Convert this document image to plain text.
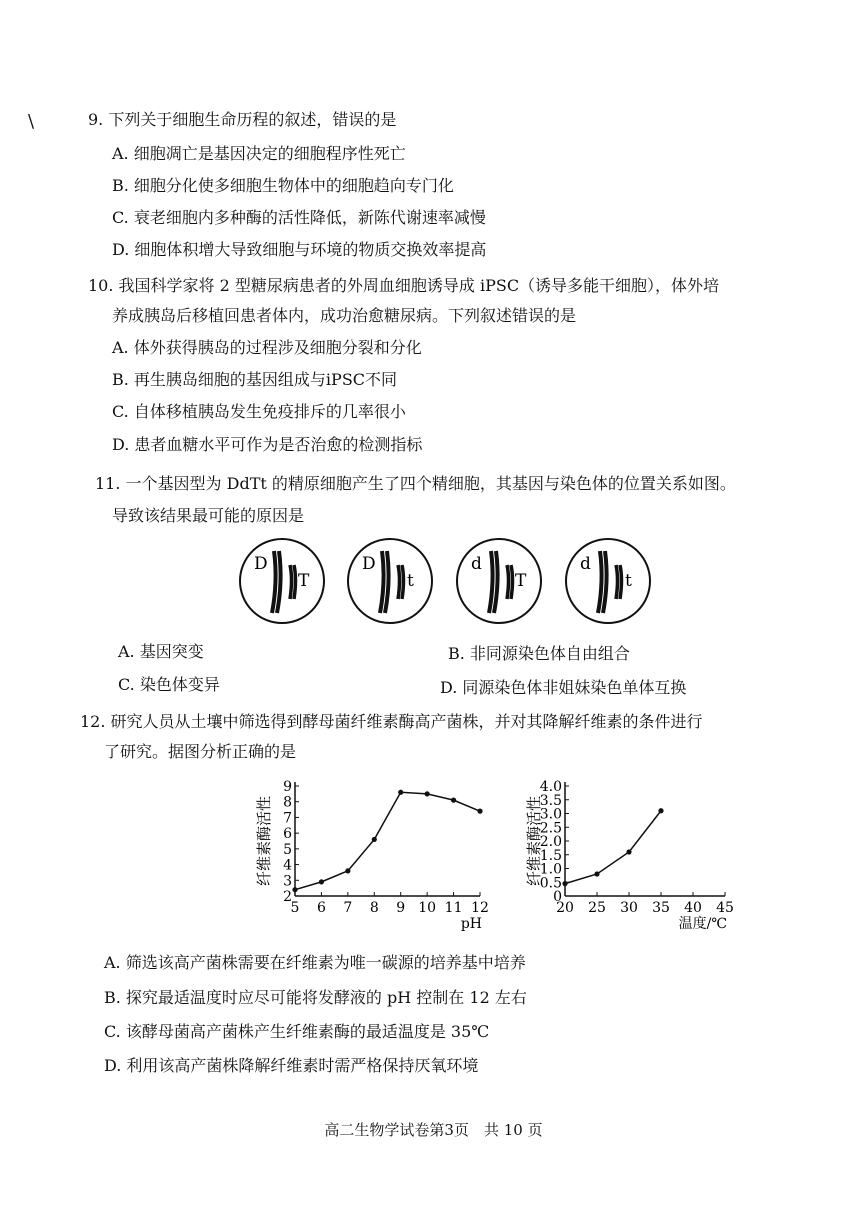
\	9. 下列关于细胞生命历程的叙述，错误的是
A. 细胞凋亡是基因决定的细胞程序性死亡
B. 细胞分化使多细胞生物体中的细胞趋向专门化
C. 衰老细胞内多种酶的活性降低，新陈代谢速率减慢
D. 细胞体积增大导致细胞与环境的物质交换效率提高
10. 我国科学家将 2 型糖尿病患者的外周血细胞诱导成 iPSC（诱导多能干细胞），体外培
养成胰岛后移植回患者体内，成功治愈糖尿病。下列叙述错误的是
A. 体外获得胰岛的过程涉及细胞分裂和分化
B. 再生胰岛细胞的基因组成与iPSC不同
C. 自体移植胰岛发生免疫排斥的几率很小
D. 患者血糖水平可作为是否治愈的检测指标
11. 一个基因型为 DdTt 的精原细胞产生了四个精细胞，其基因与染色体的位置关系如图。
导致该结果最可能的原因是
D
T
D
t
d
T
d
t
A. 基因突变	B. 非同源染色体自由组合
C. 染色体变异	D. 同源染色体非姐妹染色单体互换
12. 研究人员从土壤中筛选得到酵母菌纤维素酶高产菌株，并对其降解纤维素的条件进行
了研究。据图分析正确的是
2
3
4
5
6
7
8
9
5 6 7 8 9 10 11 12
纤维素酶活性
pH
0
0.5
1.0
1.5
2.0
2.5
3.0
3.5
4.0
20 25 30 35 40 45
纤维素酶活性
温度/℃
A. 筛选该高产菌株需要在纤维素为唯一碳源的培养基中培养
B. 探究最适温度时应尽可能将发酵液的 pH 控制在 12 左右
C. 该酵母菌高产菌株产生纤维素酶的最适温度是 35℃
D. 利用该高产菌株降解纤维素时需严格保持厌氧环境
高二生物学试卷第3页　共 10 页
